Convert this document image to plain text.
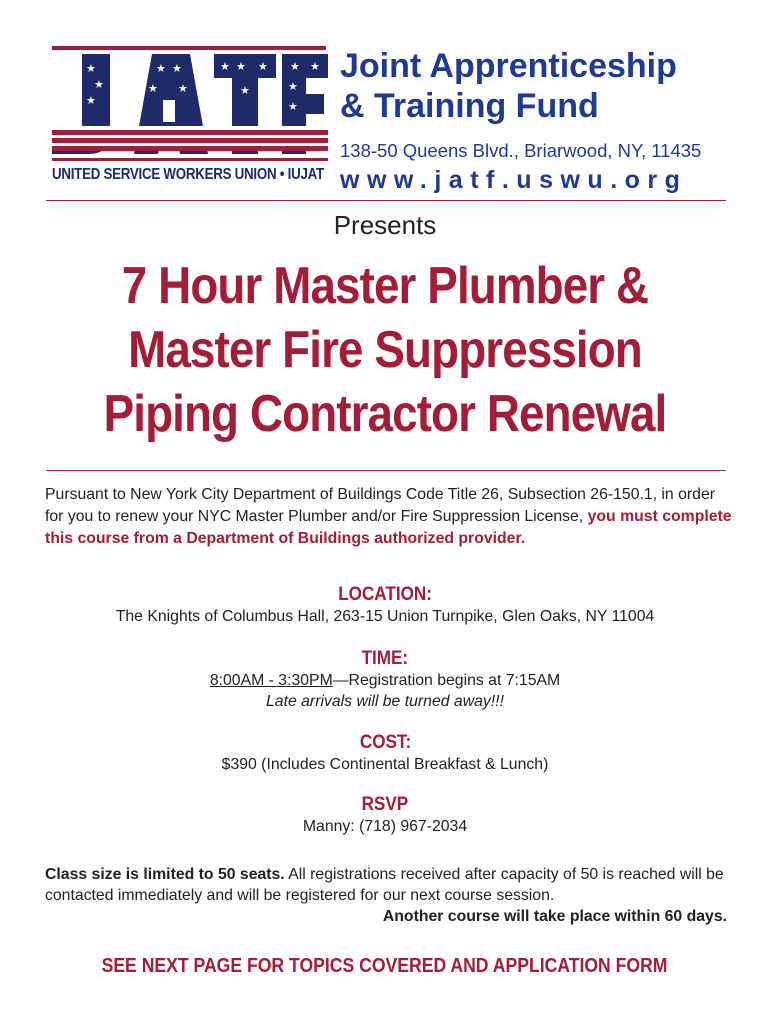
★
★
★
★ ★
★ ★
★ ★ ★
★
★ ★
★
★
UNITED SERVICE WORKERS UNION • IUJAT
Joint Apprenticeship
& Training Fund
138-50 Queens Blvd., Briarwood, NY, 11435
www.jatf.uswu.org
Presents
7 Hour Master Plumber &
Master Fire Suppression
Piping Contractor Renewal
Pursuant to New York City Department of Buildings Code Title 26, Subsection 26-150.1, in order for you to renew your NYC Master Plumber and/or Fire Suppression License, you must complete this course from a Department of Buildings authorized provider.
LOCATION:
The Knights of Columbus Hall, 263-15 Union Turnpike, Glen Oaks, NY 11004
TIME:
8:00AM - 3:30PM—Registration begins at 7:15AM
Late arrivals will be turned away!!!
COST:
$390 (Includes Continental Breakfast & Lunch)
RSVP
Manny: (718) 967-2034
Class size is limited to 50 seats. All registrations received after capacity of 50 is reached will be contacted immediately and will be registered for our next course session.
Another course will take place within 60 days.
SEE NEXT PAGE FOR TOPICS COVERED AND APPLICATION FORM
